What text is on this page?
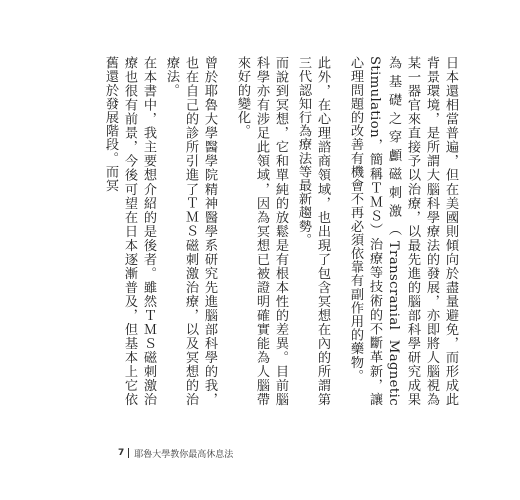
日本還相當普遍，但在美國則傾向於盡量避免，而形成此背景環境，是所謂大腦科學療法的發展，亦即將人腦視為某一器官來直接予以治療，以最先進的腦部科學研究成果為基礎之穿顱磁刺激（Transcranial Magnetic Stimulation，簡稱ＴＭＳ）治療等技術的不斷革新，讓心理問題的改善有機會不再必須依靠有副作用的藥物。

此外，在心理諮商領域，也出現了包含冥想在內的所謂第三代認知行為療法等最新趨勢。

而說到冥想，它和單純的放鬆是有根本性的差異。目前腦科學亦有涉足此領域，因為冥想已被證明確實能為人腦帶來好的變化。

曾於耶魯大學醫學院精神醫學系研究先進腦部科學的我，也在自己的診所引進了ＴＭＳ磁刺激治療，以及冥想的治療法。

在本書中，我主要想介紹的是後者。雖然ＴＭＳ磁刺激治療也很有前景，今後可望在日本逐漸普及，但基本上它依舊還於發展階段。而冥

7 耶魯大學教你最高休息法
